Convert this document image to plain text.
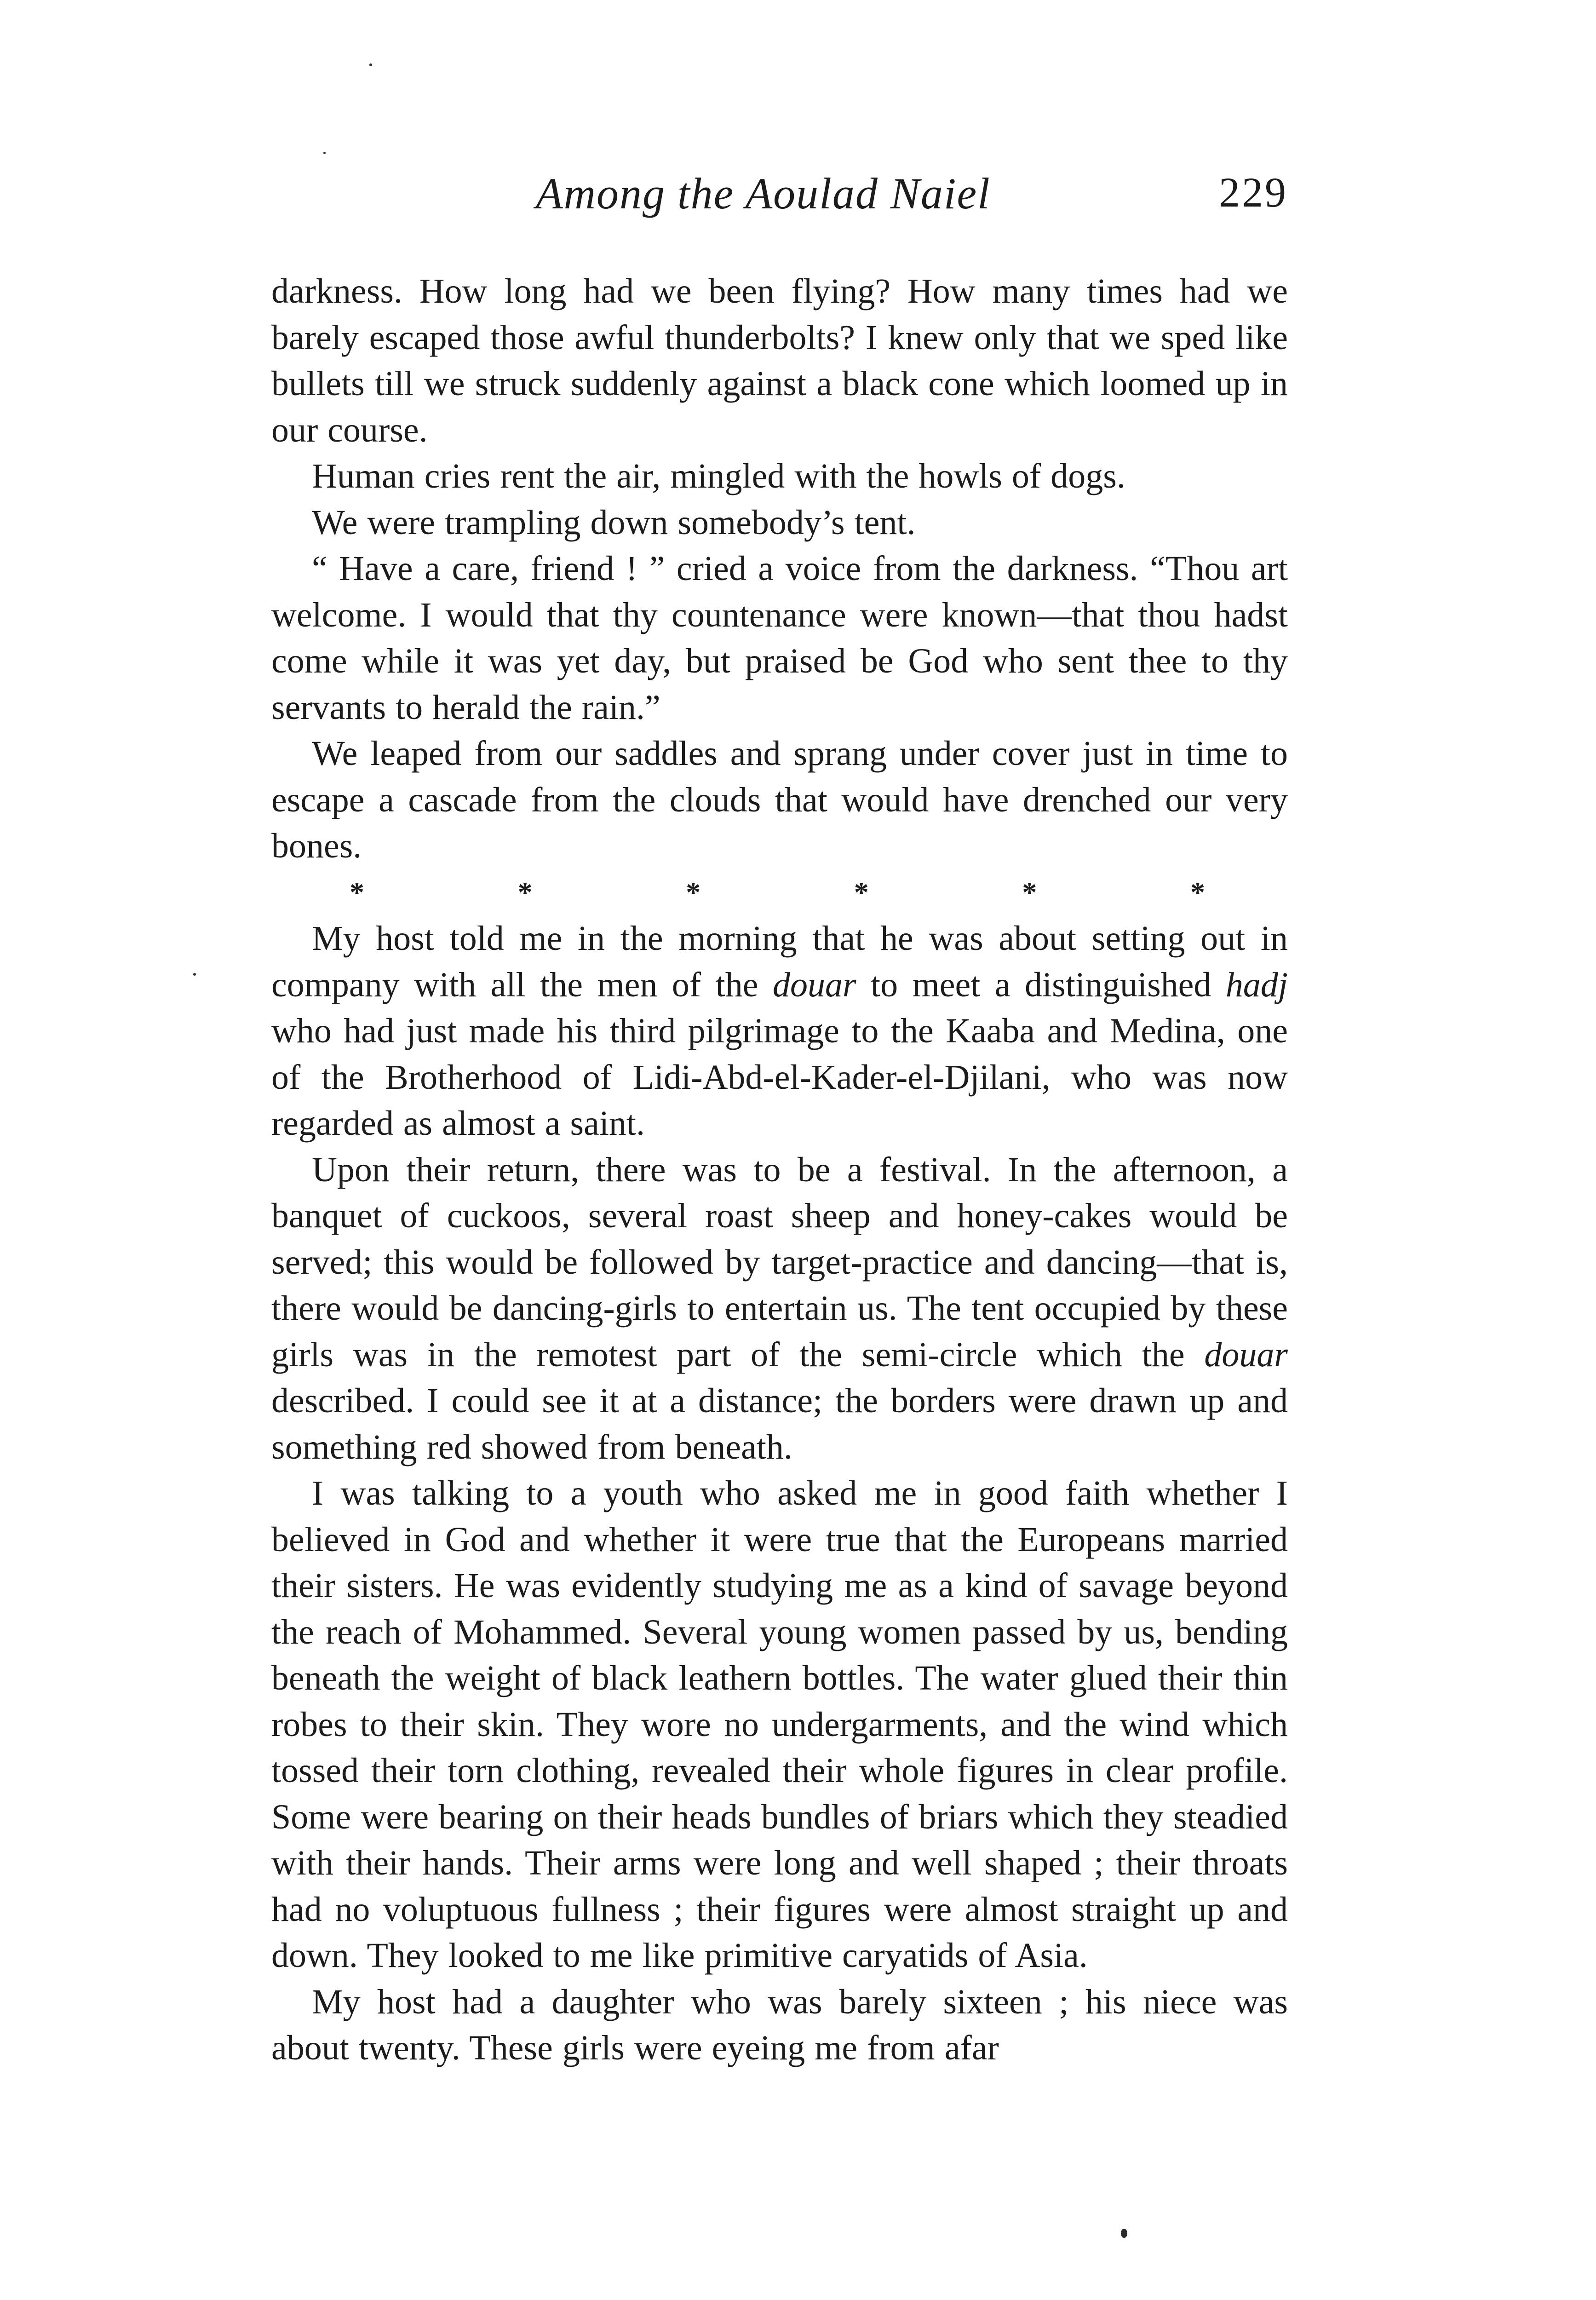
Among the Aoulad Naiel	229

darkness. How long had we been flying? How many times had we barely escaped those awful thunderbolts? I knew only that we sped like bullets till we struck suddenly against a black cone which loomed up in our course.

Human cries rent the air, mingled with the howls of dogs.

We were trampling down somebody’s tent.

“ Have a care, friend ! ” cried a voice from the darkness. “Thou art welcome. I would that thy countenance were known—that thou hadst come while it was yet day, but praised be God who sent thee to thy servants to herald the rain.”

We leaped from our saddles and sprang under cover just in time to escape a cascade from the clouds that would have drenched our very bones.

*	*	*	*	*	*

My host told me in the morning that he was about setting out in company with all the men of the douar to meet a distinguished hadj who had just made his third pilgrimage to the Kaaba and Medina, one of the Brotherhood of Lidi-Abd-el-Kader-el-Djilani, who was now regarded as almost a saint.

Upon their return, there was to be a festival. In the afternoon, a banquet of cuckoos, several roast sheep and honey-cakes would be served; this would be followed by target-practice and dancing—that is, there would be dancing-girls to entertain us. The tent occupied by these girls was in the remotest part of the semi-circle which the douar described. I could see it at a distance; the borders were drawn up and something red showed from beneath.

I was talking to a youth who asked me in good faith whether I believed in God and whether it were true that the Europeans married their sisters. He was evidently studying me as a kind of savage beyond the reach of Mohammed. Several young women passed by us, bending beneath the weight of black leathern bottles. The water glued their thin robes to their skin. They wore no undergarments, and the wind which tossed their torn clothing, revealed their whole figures in clear profile. Some were bearing on their heads bundles of briars which they steadied with their hands. Their arms were long and well shaped ; their throats had no voluptuous fullness ; their figures were almost straight up and down. They looked to me like primitive caryatids of Asia.

My host had a daughter who was barely sixteen ; his niece was about twenty. These girls were eyeing me from afar
